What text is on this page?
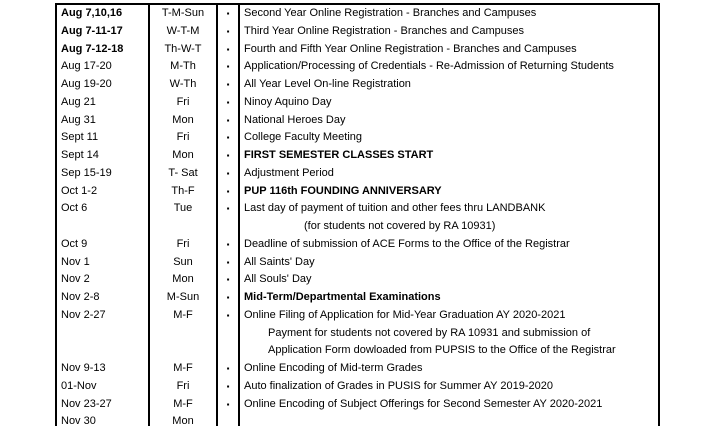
Aug 7,10,16	T-M-Sun	▪	Second Year Online Registration - Branches and Campuses
Aug 7-11-17	W-T-M	▪	Third Year Online Registration - Branches and Campuses
Aug 7-12-18	Th-W-T	▪	Fourth and Fifth Year Online Registration - Branches and Campuses
Aug 17-20	M-Th	▪	Application/Processing of Credentials - Re-Admission of Returning Students
Aug 19-20	W-Th	▪	All Year Level On-line Registration
Aug 21	Fri	▪	Ninoy Aquino Day
Aug 31	Mon	▪	National Heroes Day
Sept 11	Fri	▪	College Faculty Meeting
Sept 14	Mon	▪	FIRST SEMESTER CLASSES START
Sep 15-19	T- Sat	▪	Adjustment Period
Oct 1-2	Th-F	▪	PUP 116th FOUNDING ANNIVERSARY
Oct 6	Tue	▪	Last day of payment of tuition and other fees thru LANDBANK
(for students not covered by RA 10931)
Oct 9	Fri	▪	Deadline of submission of ACE Forms to the Office of the Registrar
Nov 1	Sun	▪	All Saints' Day
Nov 2	Mon	▪	All Souls' Day
Nov 2-8	M-Sun	▪	Mid-Term/Departmental Examinations
Nov 2-27	M-F	▪	Online Filing of Application for Mid-Year Graduation AY 2020-2021
Payment for students not covered by RA 10931 and submission of
Application Form dowloaded from PUPSIS to the Office of the Registrar
Nov 9-13	M-F	▪	Online Encoding of Mid-term Grades
01-Nov	Fri	▪	Auto finalization of Grades in PUSIS for Summer AY 2019-2020
Nov 23-27	M-F	▪	Online Encoding of Subject Offerings for Second Semester AY 2020-2021
Nov 30	Mon
